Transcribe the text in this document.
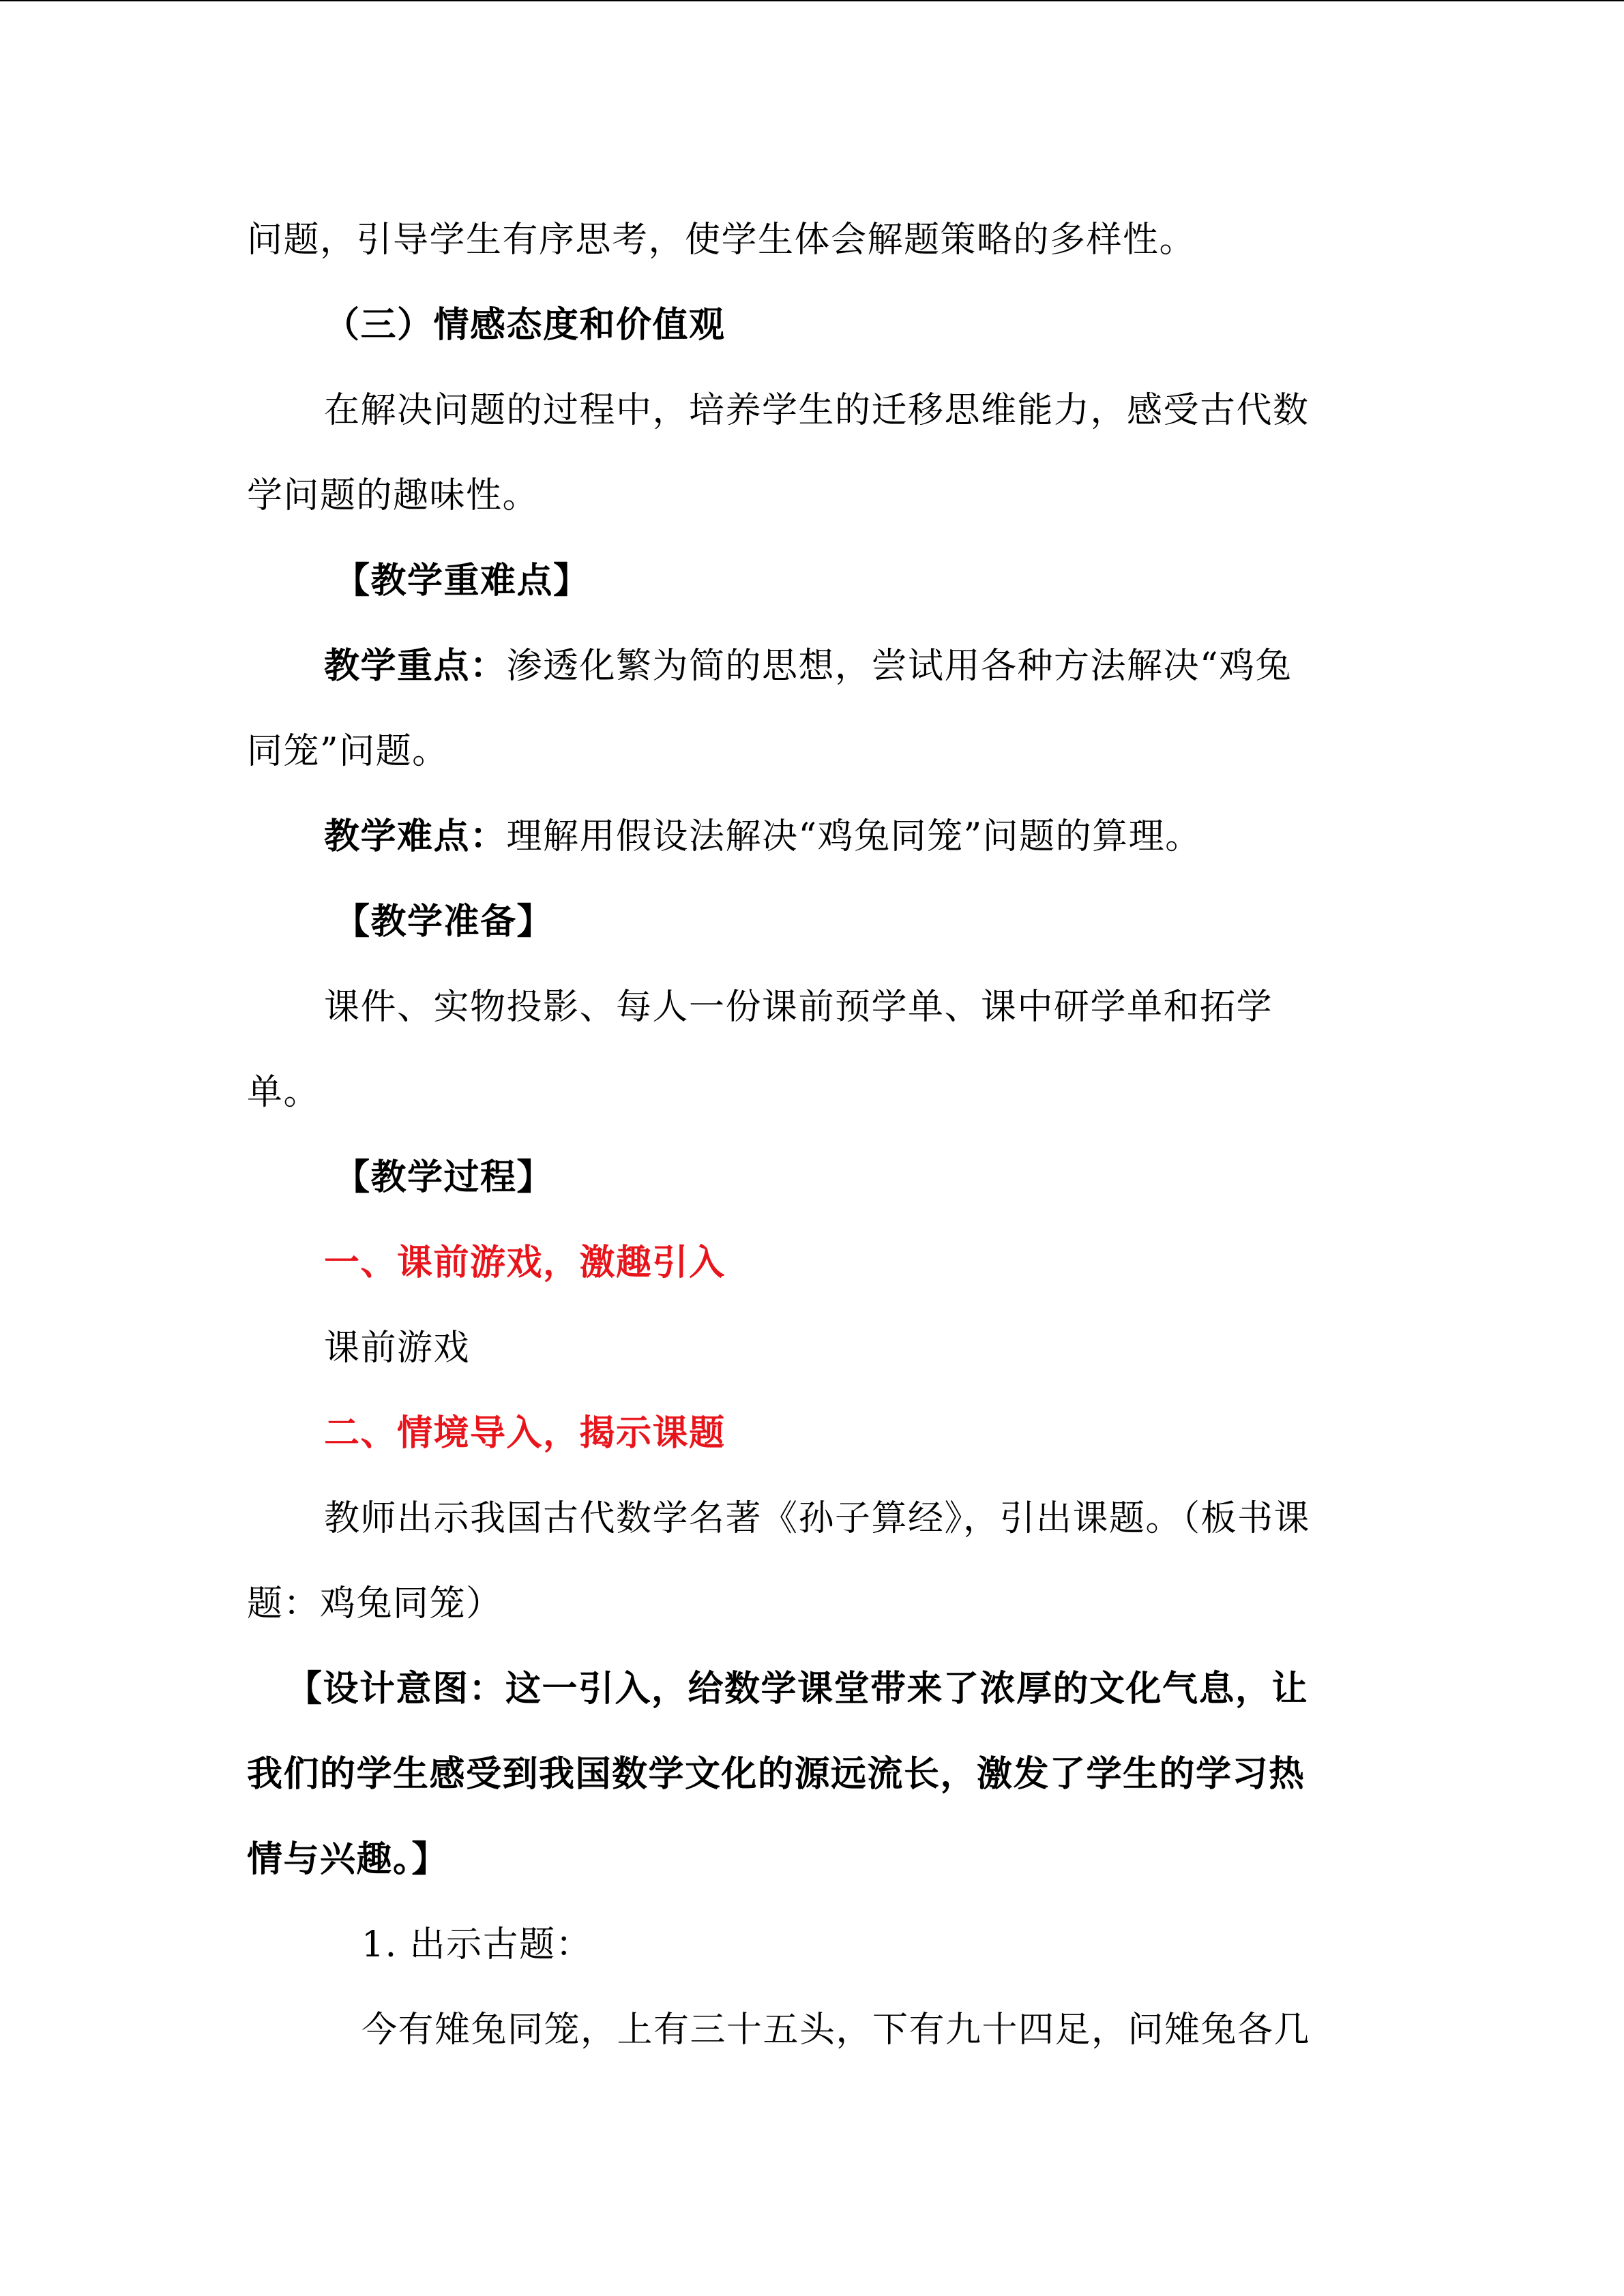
问题，引导学生有序思考，使学生体会解题策略的多样性。
（三）情感态度和价值观
在解决问题的过程中，培养学生的迁移思维能力，感受古代数
学问题的趣味性。
【教学重难点】
教学重点：渗透化繁为简的思想，尝试用各种方法解决“鸡兔
同笼”问题。
教学难点：理解用假设法解决“鸡兔同笼”问题的算理。
【教学准备】
课件、实物投影、每人一份课前预学单、课中研学单和拓学
单。
【教学过程】
一、课前游戏，激趣引入
课前游戏
二、情境导入，揭示课题
教师出示我国古代数学名著《孙子算经》，引出课题。（板书课
题：鸡兔同笼）
【设计意图：这一引入，给数学课堂带来了浓厚的文化气息，让
我们的学生感受到我国数学文化的源远流长，激发了学生的学习热
情与兴趣。】
1. 出示古题：
今有雉兔同笼，上有三十五头，下有九十四足，问雉兔各几
